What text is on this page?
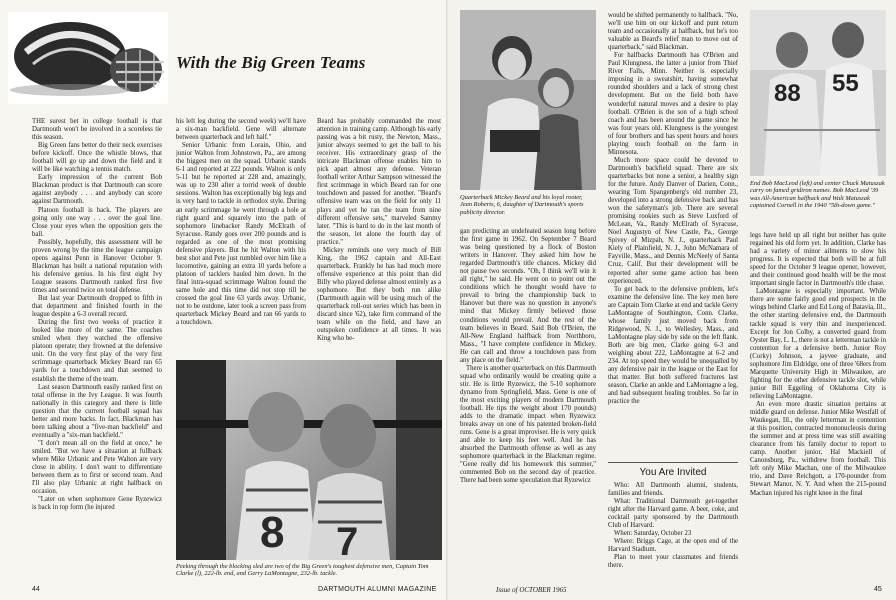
With the Big Green Teams

THE surest bet in college football is that Dartmouth won't be involved in a scoreless tie this season.

Big Green fans better do their neck exercises before kickoff. Once the whistle blows, that football will go up and down the field and it will be like watching a tennis match.

Early impression of the current Bob Blackman product is that Dartmouth can score against anybody . . . and anybody can score against Dartmouth.

Platoon football is back. The players are going only one way . . . over the goal line. Close your eyes when the opposition gets the ball.

Possibly, hopefully, this assessment will be proven wrong by the time the league campaign opens against Penn in Hanover October 9. Blackman has built a national reputation with his defensive genius. In his first eight Ivy League seasons Dartmouth ranked first five times and second twice on total defense.

But last year Dartmouth dropped to fifth in that department and finished fourth in the league despite a 6-3 overall record.

During the first two weeks of practice it looked like more of the same. The coaches smiled when they watched the offensive platoon operate; they frowned at the defensive unit. On the very first play of the very first scrimmage quarterback Mickey Beard ran 65 yards for a touchdown and that seemed to establish the theme of the team.

Last season Dartmouth easily ranked first on total offense in the Ivy League. It was fourth nationally in this category and there is little question that the current football squad has better and more backs. In fact, Blackman has been talking about a "five-man backfield" and eventually a "six-man backfield."

"I don't mean all on the field at once," he smiled. "But we have a situation at fullback where Mike Urbanic and Pete Walton are very close in ability. I don't want to differentiate between them as to first or second team. And I'll also play Urbanic at right halfback on occasion.

"Later on when sophomore Gene Ryzewicz is back in top form (he injured

his left leg during the second week) we'll have a six-man backfield. Gene will alternate between quarterback and left half."

Senior Urbanic from Lorain, Ohio, and junior Walton from Johnstown, Pa., are among the biggest men on the squad. Urbanic stands 6-1 and reported at 222 pounds. Walton is only 5-11 but he reported at 228 and, amazingly, was up to 230 after a torrid week of double sessions. Walton has exceptionally big legs and is very hard to tackle in orthodox style. During an early scrimmage he went through a hole at right guard and squarely into the path of sophomore linebacker Randy McElrath of Syracuse. Randy goes over 200 pounds and is regarded as one of the most promising defensive players. But he hit Walton with his best shot and Pete just rumbled over him like a locomotive, gaining an extra 10 yards before a platoon of tacklers hauled him down. In the final intra-squad scrimmage Walton found the same hole and this time did not stop till he crossed the goal line 63 yards away. Urbanic, not to be outdone, later took a screen pass from quarterback Mickey Beard and ran 66 yards to a touchdown.

Beard has probably commanded the most attention in training camp. Although his early passing was a bit rusty, the Newton, Mass., junior always seemed to get the ball to his receiver. His extraordinary grasp of the intricate Blackman offense enables him to pick apart almost any defense. Veteran football writer Arthur Sampson witnessed the first scrimmage in which Beard ran for one touchdown and passed for another. "Beard's offensive team was on the field for only 11 plays and yet he ran the team from nine different offensive sets," marveled Sammy later. "This is hard to do in the last month of the season, let alone the fourth day of practice."

Mickey reminds one very much of Bill King, the 1962 captain and All-East quarterback. Frankly he has had much more offensive experience at this point than did Billy who played defense almost entirely as a sophomore. But they both run alike (Dartmouth again will be using much of the quarterback roll-out series which has been in discard since '62), take firm command of the team while on the field, and have an outspoken confidence at all times. It was King who be-

8 7
Peeking through the blocking sled are two of the Big Green's toughest defensive men, Captain Tom Clarke (l), 222-lb. end, and Gerry LaMontagne, 232-lb. tackle.
44	DARTMOUTH ALUMNI MAGAZINE
Quarterback Mickey Beard and his loyal rooter, Jean Roberts, 6, daughter of Dartmouth's sports publicity director.

gan predicting an undefeated season long before the first game in 1962. On September 7 Beard was being questioned by a flock of Boston writers in Hanover. They asked him how he regarded Dartmouth's title chances. Mickey did not pause two seconds. "Oh, I think we'll win it all right," he said. He went on to point out the conditions which he thought would have to prevail to bring the championship back to Hanover but there was no question in anyone's mind that Mickey firmly believed those conditions would prevail. And the rest of the team believes in Beard. Said Bob O'Brien, the All-New England halfback from Northboro, Mass., "I have complete confidence in Mickey. He can call and throw a touchdown pass from any place on the field."

There is another quarterback on this Dartmouth squad who ordinarily would be creating quite a stir. He is little Ryzewicz, the 5-10 sophomore dynamo from Springfield, Mass. Gene is one of the most exciting players of modern Dartmouth football. He tips the weight about 170 pounds) adds to the dramatic impact when Ryzewicz breaks away on one of his patented broken-field runs. Gene is a great improviser. He is very quick and able to keep his feet well. And he has absorbed the Dartmouth offense as well as any sophomore quarterback in the Blackman regime. "Gene really did his homework this summer," commented Bob on the second day of practice. There had been some speculation that Ryzewicz

would be shifted permanently to halfback. "No, we'll use him on our kickoff and punt return team and occasionally at halfback, but he's too valuable as Beard's relief man to move out of quarterback," said Blackman.

For halfbacks Dartmouth has O'Brien and Paul Klungness, the latter a junior from Thief River Falls, Minn. Neither is especially imposing in a sweatshirt, having somewhat rounded shoulders and a lack of strong chest development. But on the field both have wonderful natural moves and a desire to play football. O'Brien is the son of a high school coach and has been around the game since he was four years old. Klungness is the youngest of four brothers and has spent hours and hours playing touch football on the farm in Minnesota.

Much more space could be devoted to Dartmouth's backfield squad. There are six quarterbacks but none a senior, a healthy sign for the future. Andy Danver of Darien, Conn., wearing Tom Spangenberg's old number 23, developed into a strong defensive back and has won the safetyman's job. There are several promising rookies such as Steve Luxford of McLean, Va., Randy McElrath of Syracuse, Noel Augustyn of New Castle, Pa., George Spivey of Mizpah, N. J., quarterback Paul Kiely of Plainfield, N. J., John McNamara of Fayville, Mass., and Dennis McNeely of Santa Cruz, Calif. But their development will be reported after some game action has been experienced.

To get back to the defensive problem, let's examine the defensive line. The key men here are Captain Tom Clarke at end and tackle Gerry LaMontagne of Southington, Conn. Clarke, whose family just moved back from Ridgewood, N. J., to Wellesley, Mass., and LaMontagne play side by side on the left flank. Both are big men, Clarke going 6-3 and weighing about 222, LaMontagne at 6-2 and 234. At top speed they would be unequalled by any defensive pair in the league or the East for that matter. But both suffered fractures last season, Clarke an ankle and LaMontagne a leg, and had subsequent healing troubles. So far in practice the

You Are Invited

Who: All Dartmouth alumni, students, families and friends.

What: Traditional Dartmouth get-together right after the Harvard game. A beer, coke, and cocktail party sponsored by the Dartmouth Club of Harvard.

When: Saturday, October 23

Where: Briggs Cage, at the open end of the Harvard Stadium.

Plan to meet your classmates and friends there.

88 55
End Bob MacLeod (left) and center Chuck Matuszak carry on famed gridiron names. Bob MacLeod '39 was All-American halfback and Walt Matuszak captained Cornell in the 1940 "5th-down game."

legs have held up all right but neither has quite regained his old form yet. In addition, Clarke has had a variety of minor ailments to slow his progress. It is expected that both will be at full speed for the October 9 league opener, however, and their continued good health will be the most important single factor in Dartmouth's title chase.

LaMontagne is especially important. While there are some fairly good end prospects in the wings behind Clarke and Ed Long of Batavia, Ill., the other starting defensive end, the Dartmouth tackle squad is very thin and inexperienced. Except for Jon Colby, a converted guard from Oyster Bay, L. I., there is not a letterman tackle in contention for a defensive berth. Junior Roy (Corky) Johnson, a jayvee graduate, and sophomore Jim Eldridge, one of three '68ers from Marquette University High in Milwaukee, are fighting for the other defensive tackle slot, while junior Bill Eggeling of Oklahoma City is relieving LaMontagne.

An even more drastic situation pertains at middle guard on defense. Junior Mike Westfall of Waukegan, Ill., the only letterman in contention at this position, contracted mononucleosis during the summer and at press time was still awaiting clearance from his family doctor to report to camp. Another junior, Hal Mackiell of Canonsburg, Pa., withdrew from football. This left only Mike Machan, one of the Milwaukee trio, and Dave Reichgott, a 170-pounder from Stewart Manor, N. Y. And when the 215-pound Machan injured his right knee in the final

Issue of OCTOBER 1965	45
